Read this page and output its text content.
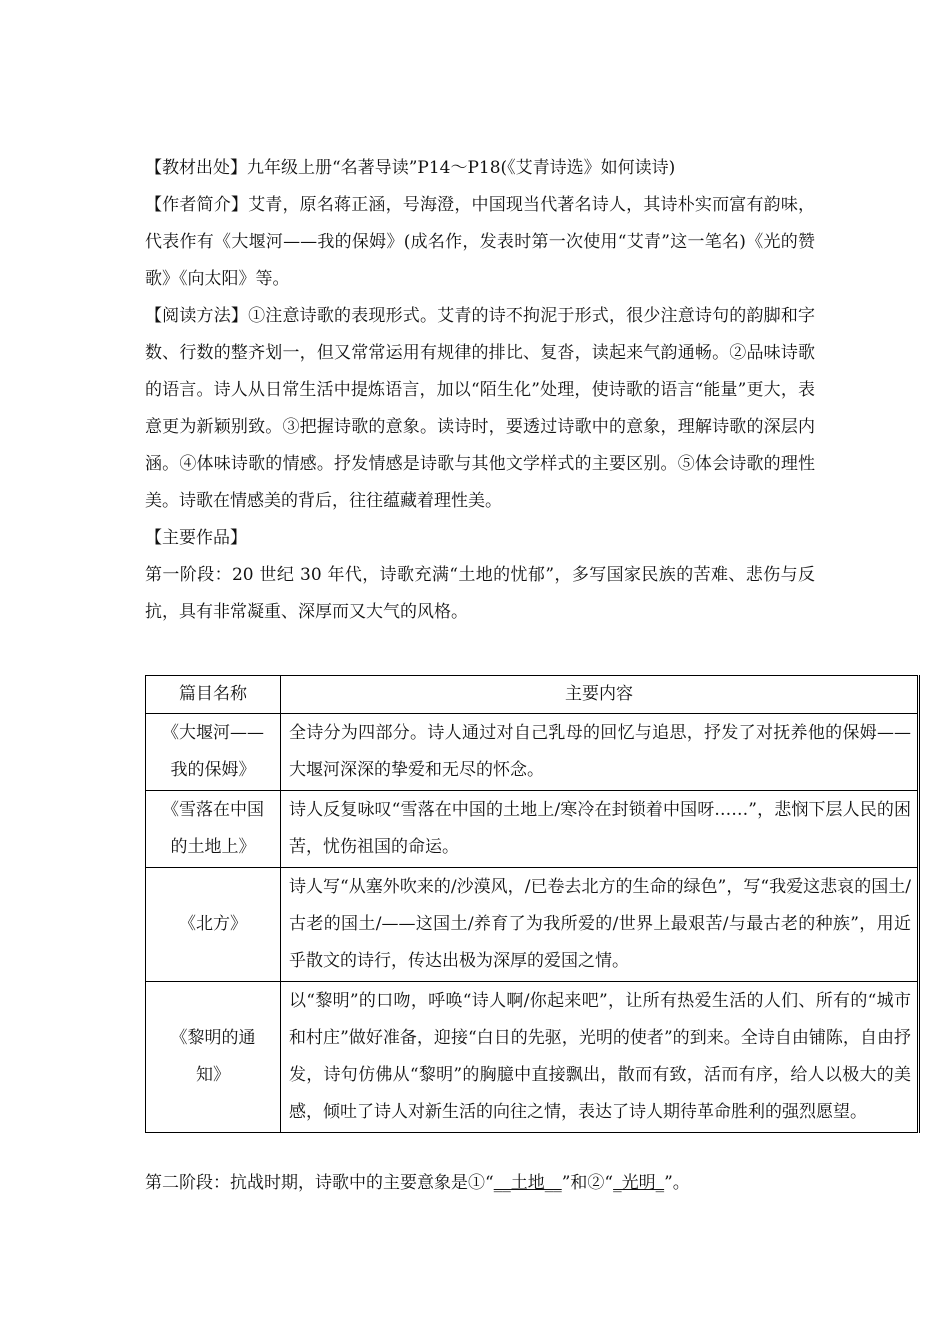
【教材出处】九年级上册“名著导读”P14～P18(《艾青诗选》如何读诗)

【作者简介】艾青，原名蒋正涵，号海澄，中国现当代著名诗人，其诗朴实而富有韵味，代表作有《大堰河——我的保姆》(成名作，发表时第一次使用“艾青”这一笔名)《光的赞歌》《向太阳》等。

【阅读方法】①注意诗歌的表现形式。艾青的诗不拘泥于形式，很少注意诗句的韵脚和字数、行数的整齐划一，但又常常运用有规律的排比、复沓，读起来气韵通畅。②品味诗歌的语言。诗人从日常生活中提炼语言，加以“陌生化”处理，使诗歌的语言“能量”更大，表意更为新颖别致。③把握诗歌的意象。读诗时，要透过诗歌中的意象，理解诗歌的深层内涵。④体味诗歌的情感。抒发情感是诗歌与其他文学样式的主要区别。⑤体会诗歌的理性美。诗歌在情感美的背后，往往蕴藏着理性美。

【主要作品】

第一阶段：20 世纪 30 年代，诗歌充满“土地的忧郁”，多写国家民族的苦难、悲伤与反抗，具有非常凝重、深厚而又大气的风格。

篇目名称	主要内容
《大堰河——我的保姆》	全诗分为四部分。诗人通过对自己乳母的回忆与追思，抒发了对抚养他的保姆——大堰河深深的挚爱和无尽的怀念。
《雪落在中国的土地上》	诗人反复咏叹“雪落在中国的土地上/寒冷在封锁着中国呀……”，悲悯下层人民的困苦，忧伤祖国的命运。
《北方》	诗人写“从塞外吹来的/沙漠风，/已卷去北方的生命的绿色”，写“我爱这悲哀的国土/古老的国土/——这国土/养育了为我所爱的/世界上最艰苦/与最古老的种族”，用近乎散文的诗行，传达出极为深厚的爱国之情。
《黎明的通知》	以“黎明”的口吻，呼唤“诗人啊/你起来吧”，让所有热爱生活的人们、所有的“城市和村庄”做好准备，迎接“白日的先驱，光明的使者”的到来。全诗自由铺陈，自由抒发，诗句仿佛从“黎明”的胸臆中直接飘出，散而有致，活而有序，给人以极大的美感，倾吐了诗人对新生活的向往之情，表达了诗人期待革命胜利的强烈愿望。
第二阶段：抗战时期，诗歌中的主要意象是①“__土地__”和②“_光明_”。
